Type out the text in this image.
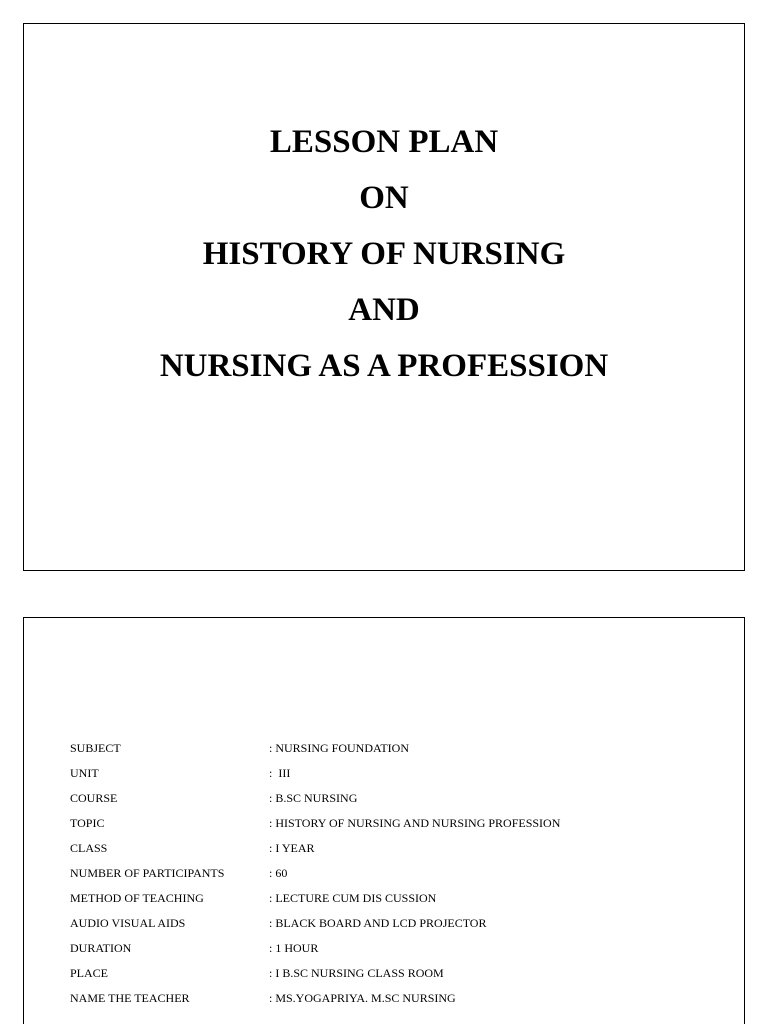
LESSON PLAN
ON
HISTORY OF NURSING
AND
NURSING AS A PROFESSION
SUBJECT	: NURSING FOUNDATION
UNIT	:  III
COURSE	: B.SC NURSING
TOPIC	: HISTORY OF NURSING AND NURSING PROFESSION
CLASS	: I YEAR
NUMBER OF PARTICIPANTS	: 60
METHOD OF TEACHING	: LECTURE CUM DIS CUSSION
AUDIO VISUAL AIDS	: BLACK BOARD AND LCD PROJECTOR
DURATION	: 1 HOUR
PLACE	: I B.SC NURSING CLASS ROOM
NAME THE TEACHER	: MS.YOGAPRIYA. M.SC NURSING
